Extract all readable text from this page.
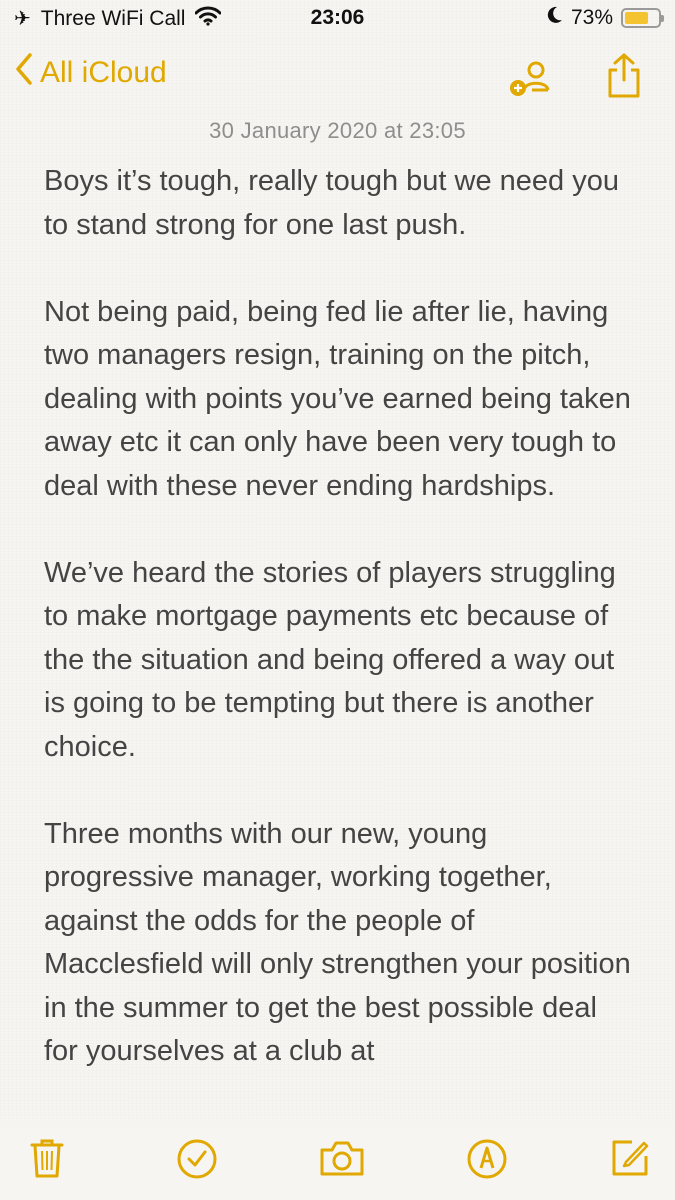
✈ Three WiFi Call	23:06	73%
All iCloud
30 January 2020 at 23:05

Boys it’s tough, really tough but we need you to stand strong for one last push.

Not being paid, being fed lie after lie, having two managers resign, training on the pitch, dealing with points you’ve earned being taken away etc it can only have been very tough to deal with these never ending hardships.

We’ve heard the stories of players struggling to make mortgage payments etc because of the the situation and being offered a way out is going to be tempting but there is another choice.

Three months with our new, young progressive manager, working together, against the odds for the people of Macclesfield will only strengthen your position in the summer to get the best possible deal for yourselves at a club at
